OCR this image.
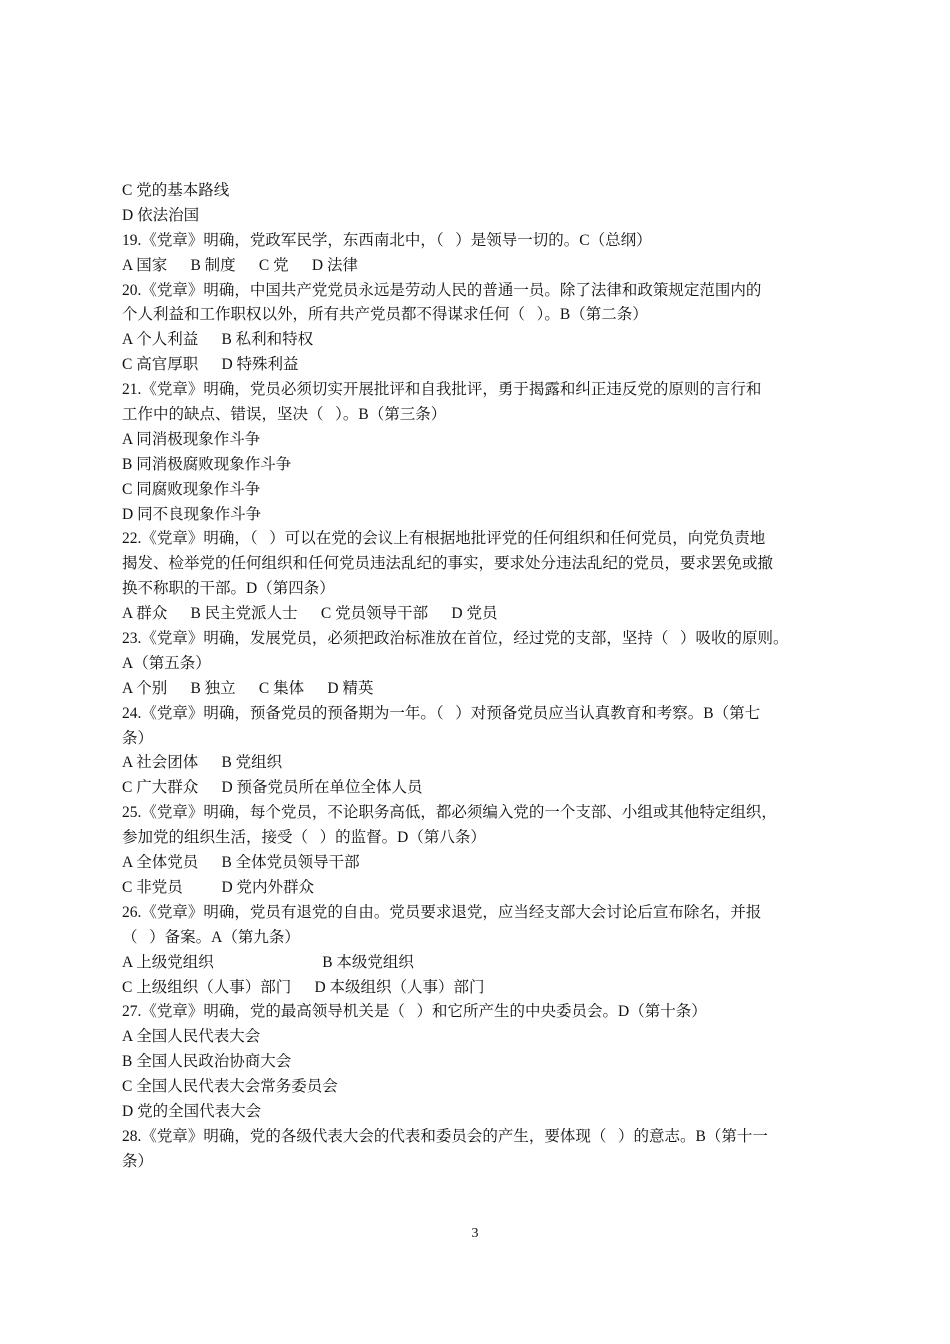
C 党的基本路线
D 依法治国
19.《党章》明确，党政军民学，东西南北中，（   ）是领导一切的。C（总纲）
A 国家      B 制度      C 党      D 法律
20.《党章》明确，中国共产党党员永远是劳动人民的普通一员。除了法律和政策规定范围内的
个人利益和工作职权以外，所有共产党员都不得谋求任何（   ）。B（第二条）
A 个人利益      B 私利和特权
C 高官厚职      D 特殊利益
21.《党章》明确，党员必须切实开展批评和自我批评，勇于揭露和纠正违反党的原则的言行和
工作中的缺点、错误，坚决（   ）。B（第三条）
A 同消极现象作斗争
B 同消极腐败现象作斗争
C 同腐败现象作斗争
D 同不良现象作斗争
22.《党章》明确，（   ）可以在党的会议上有根据地批评党的任何组织和任何党员，向党负责地
揭发、检举党的任何组织和任何党员违法乱纪的事实，要求处分违法乱纪的党员，要求罢免或撤
换不称职的干部。D（第四条）
A 群众      B 民主党派人士      C 党员领导干部      D 党员
23.《党章》明确，发展党员，必须把政治标准放在首位，经过党的支部，坚持（   ）吸收的原则。
A（第五条）
A 个别      B 独立      C 集体      D 精英
24.《党章》明确，预备党员的预备期为一年。（   ）对预备党员应当认真教育和考察。B（第七
条）
A 社会团体      B 党组织
C 广大群众      D 预备党员所在单位全体人员
25.《党章》明确，每个党员，不论职务高低，都必须编入党的一个支部、小组或其他特定组织，
参加党的组织生活，接受（   ）的监督。D（第八条）
A 全体党员      B 全体党员领导干部
C 非党员          D 党内外群众
26.《党章》明确，党员有退党的自由。党员要求退党，应当经支部大会讨论后宣布除名，并报
（   ）备案。A（第九条）
A 上级党组织                            B 本级党组织
C 上级组织（人事）部门      D 本级组织（人事）部门
27.《党章》明确，党的最高领导机关是（   ）和它所产生的中央委员会。D（第十条）
A 全国人民代表大会
B 全国人民政治协商大会
C 全国人民代表大会常务委员会
D 党的全国代表大会
28.《党章》明确，党的各级代表大会的代表和委员会的产生，要体现（   ）的意志。B（第十一
条）
3
